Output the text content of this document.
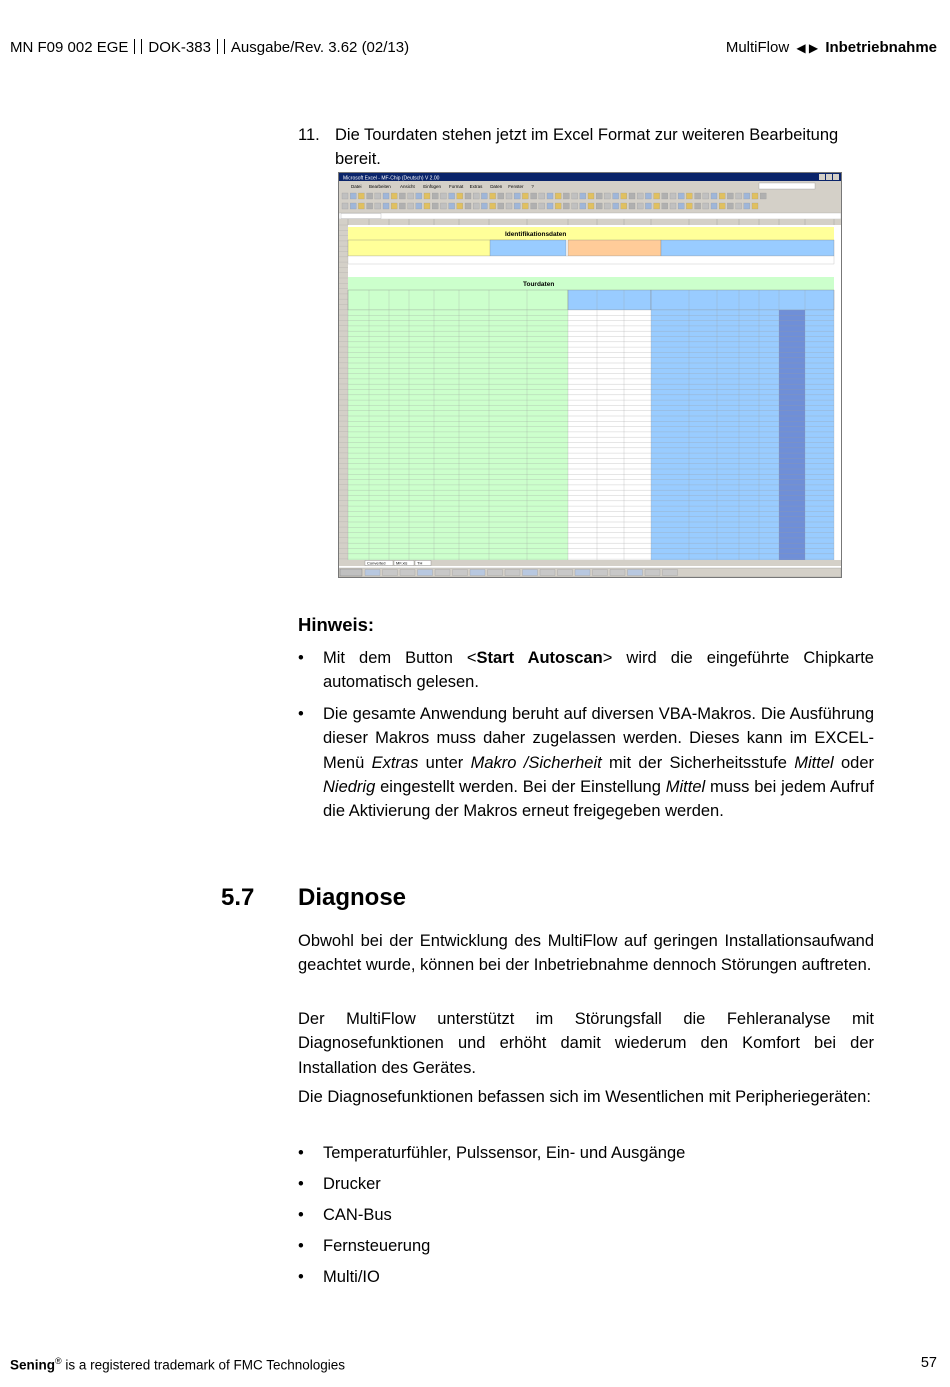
MN F09 002 EGE DOK-383 Ausgabe/Rev. 3.62 (02/13)	MultiFlow ◀ ▶ Inbetriebnahme
11. Die Tourdaten stehen jetzt im Excel Format zur weiteren Bearbeitung bereit.
Microsoft Excel - MF-Chip (Deutsch) V 2.00
Datei Bearbeiten Ansicht Einfügen Format Extras Daten Fenster ?
Identifikationsdaten
Tourdaten
Converted	MF.xls TH
Hinweis:
• Mit dem Button <Start Autoscan> wird die eingeführte Chipkarte automatisch gelesen.
• Die gesamte Anwendung beruht auf diversen VBA-Makros. Die Ausführung dieser Makros muss daher zugelassen werden. Dieses kann im EXCEL-Menü Extras unter Makro /Sicherheit mit der Sicherheitsstufe Mittel oder Niedrig eingestellt werden. Bei der Einstellung Mittel muss bei jedem Aufruf die Aktivierung der Makros erneut freigegeben werden.
5.7 Diagnose
Obwohl bei der Entwicklung des MultiFlow auf geringen Installationsaufwand geachtet wurde, können bei der Inbetriebnahme dennoch Störungen auftreten.
Der MultiFlow unterstützt im Störungsfall die Fehleranalyse mit Diagnosefunktionen und erhöht damit wiederum den Komfort bei der Installation des Gerätes.
Die Diagnosefunktionen befassen sich im Wesentlichen mit Peripheriegeräten:
• Temperaturfühler, Pulssensor, Ein- und Ausgänge
• Drucker
• CAN-Bus
• Fernsteuerung
• Multi/IO
Sening® is a registered trademark of FMC Technologies	57
